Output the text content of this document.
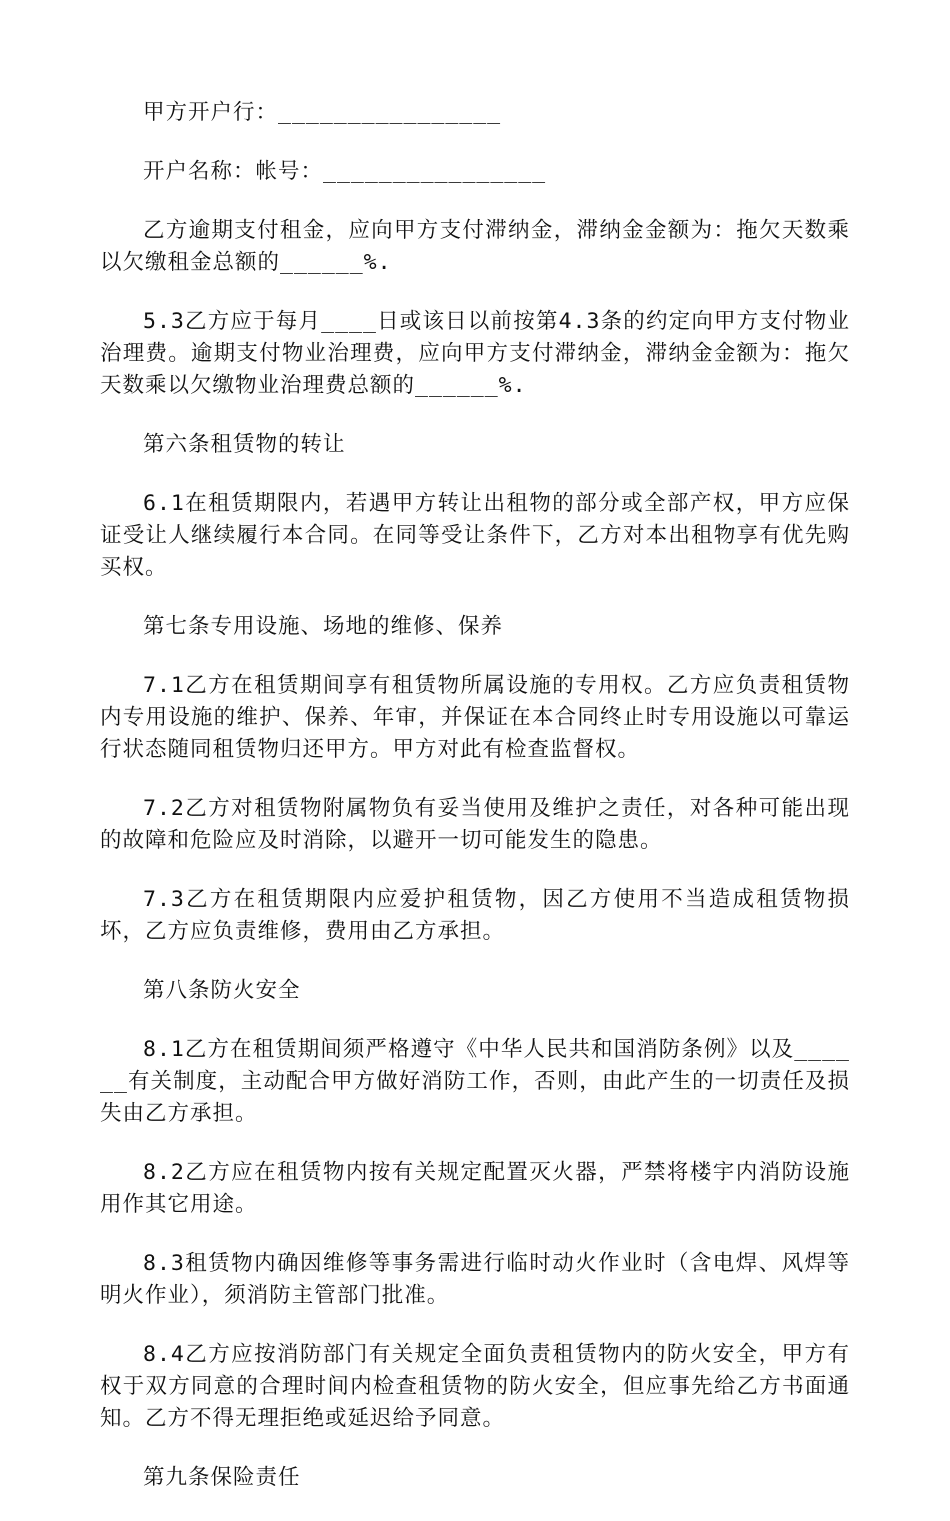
甲方开户行：________________

开户名称：帐号：________________

乙方逾期支付租金，应向甲方支付滞纳金，滞纳金金额为：拖欠天数乘以欠缴租金总额的______%.

5.3乙方应于每月____日或该日以前按第4.3条的约定向甲方支付物业治理费。逾期支付物业治理费，应向甲方支付滞纳金，滞纳金金额为：拖欠天数乘以欠缴物业治理费总额的______%.

第六条租赁物的转让

6.1在租赁期限内，若遇甲方转让出租物的部分或全部产权，甲方应保证受让人继续履行本合同。在同等受让条件下，乙方对本出租物享有优先购买权。

第七条专用设施、场地的维修、保养

7.1乙方在租赁期间享有租赁物所属设施的专用权。乙方应负责租赁物内专用设施的维护、保养、年审，并保证在本合同终止时专用设施以可靠运行状态随同租赁物归还甲方。甲方对此有检查监督权。

7.2乙方对租赁物附属物负有妥当使用及维护之责任，对各种可能出现的故障和危险应及时消除，以避开一切可能发生的隐患。

7.3乙方在租赁期限内应爱护租赁物，因乙方使用不当造成租赁物损坏，乙方应负责维修，费用由乙方承担。

第八条防火安全

8.1乙方在租赁期间须严格遵守《中华人民共和国消防条例》以及______有关制度，主动配合甲方做好消防工作，否则，由此产生的一切责任及损失由乙方承担。

8.2乙方应在租赁物内按有关规定配置灭火器，严禁将楼宇内消防设施用作其它用途。

8.3租赁物内确因维修等事务需进行临时动火作业时（含电焊、风焊等明火作业），须消防主管部门批准。

8.4乙方应按消防部门有关规定全面负责租赁物内的防火安全，甲方有权于双方同意的合理时间内检查租赁物的防火安全，但应事先给乙方书面通知。乙方不得无理拒绝或延迟给予同意。

第九条保险责任
